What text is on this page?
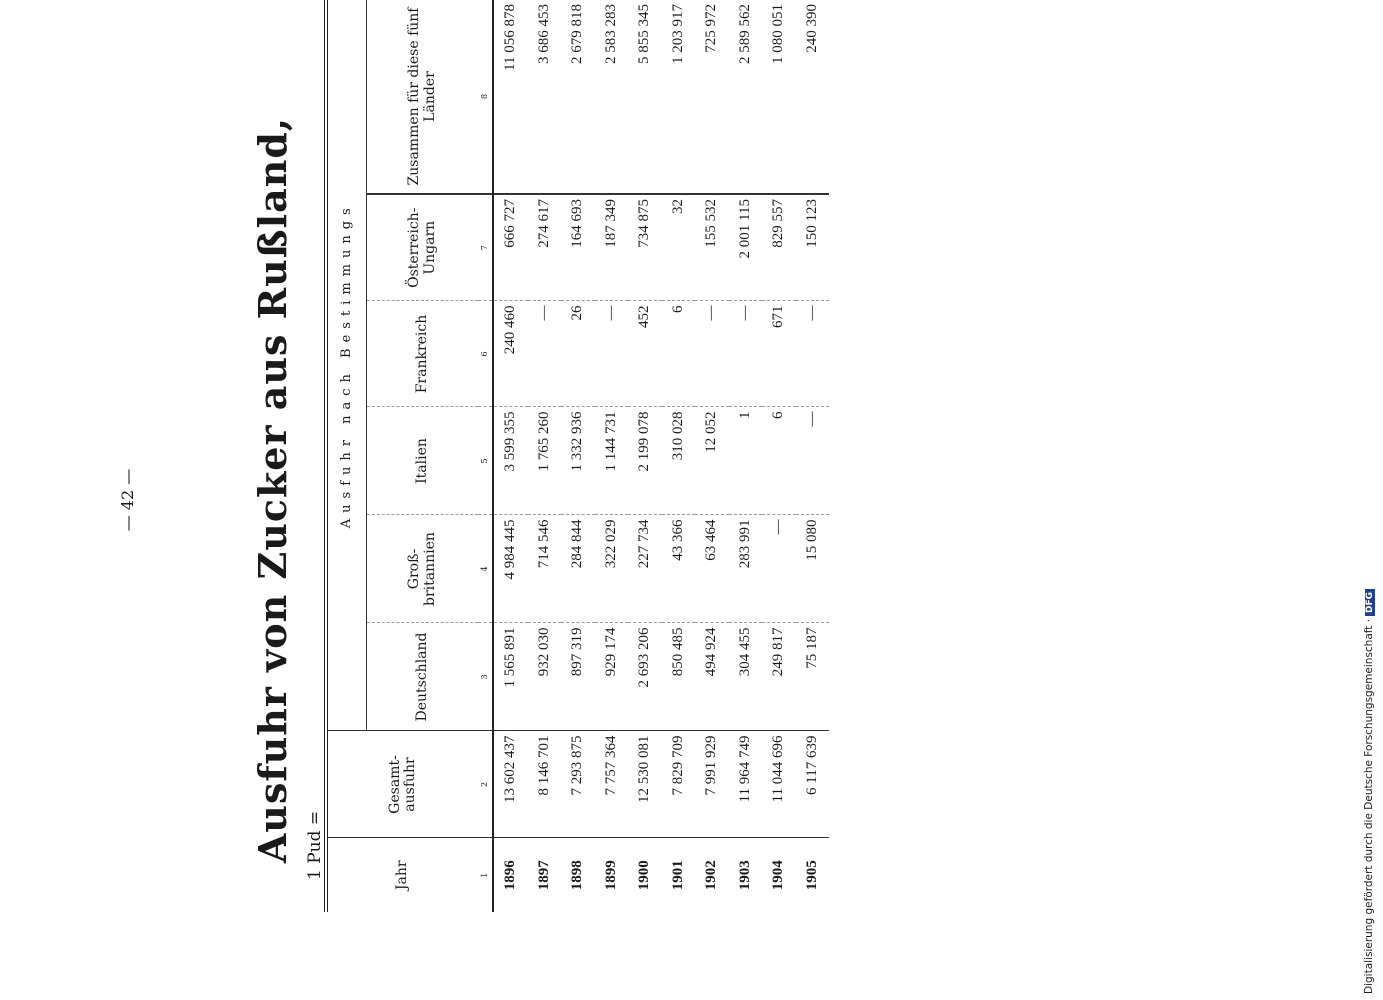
— 42 —	Ausfuhr von Zucker aus Rußland, 1 Pud =	Jahr	Gesamt-ausfuhr	Ausfuhr nach Bestimmungs					
		Deutschland	Groß-britannien	Italien	Frankreich	Österreich-Ungarn	Zusammen für diese fünf Länder
1	2	3	4	5	6	7	8
1896	13 602 437	1 565 891	4 984 445	3 599 355	240 460	666 727	11 056 878
1897	8 146 701	932 030	714 546	1 765 260	—	274 617	3 686 453
1898	7 293 875	897 319	284 844	1 332 936	26	164 693	2 679 818
1899	7 757 364	929 174	322 029	1 144 731	—	187 349	2 583 283
1900	12 530 081	2 693 206	227 734	2 199 078	452	734 875	5 855 345
1901	7 829 709	850 485	43 366	310 028	6	32	1 203 917
1902	7 991 929	494 924	63 464	12 052	—	155 532	725 972
1903	11 964 749	304 455	283 991	1	—	2 001 115	2 589 562
1904	11 044 696	249 817	—	6	671	829 557	1 080 051
1905	6 117 639	75 187	15 080	—	—	150 123	240 390
Digitalisierung gefördert durch die Deutsche Forschungsgemeinschaft ·DFG
